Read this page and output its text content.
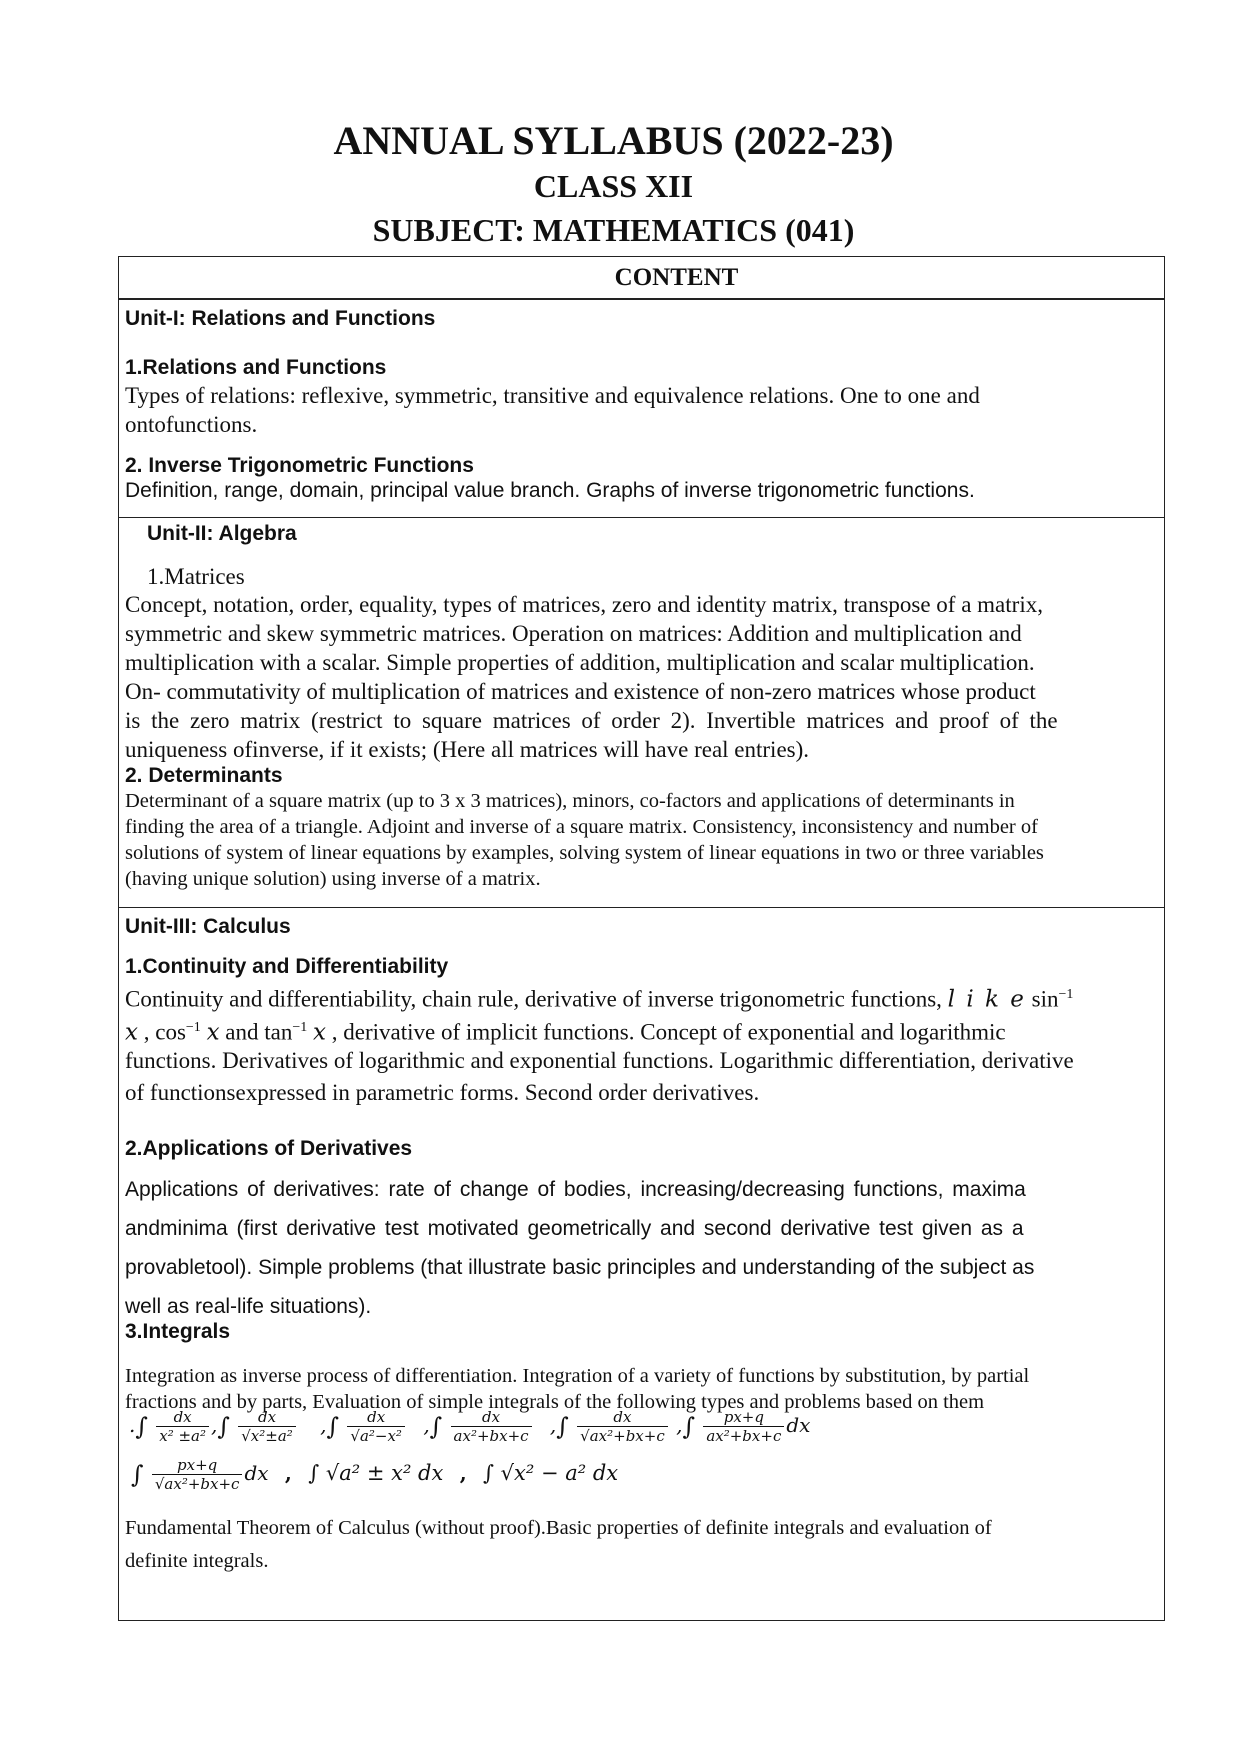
ANNUAL SYLLABUS (2022-23)
CLASS XII
SUBJECT: MATHEMATICS (041)
CONTENT
Unit-I: Relations and Functions
1.Relations and Functions
Types of relations: reflexive, symmetric, transitive and equivalence relations. One to one and
ontofunctions.
2. Inverse Trigonometric Functions
Definition, range, domain, principal value branch. Graphs of inverse trigonometric functions.
Unit-II: Algebra
1.Matrices
Concept, notation, order, equality, types of matrices, zero and identity matrix, transpose of a matrix,
symmetric and skew symmetric matrices. Operation on matrices: Addition and multiplication and
multiplication with a scalar. Simple properties of addition, multiplication and scalar multiplication.
On- commutativity of multiplication of matrices and existence of non-zero matrices whose product
is the zero matrix (restrict to square matrices of order 2). Invertible matrices and proof of the
uniqueness ofinverse, if it exists; (Here all matrices will have real entries).
2. Determinants
Determinant of a square matrix (up to 3 x 3 matrices), minors, co-factors and applications of determinants in
finding the area of a triangle. Adjoint and inverse of a square matrix. Consistency, inconsistency and number of
solutions of system of linear equations by examples, solving system of linear equations in two or three variables
(having unique solution) using inverse of a matrix.
Unit-III: Calculus
1.Continuity and Differentiability
Continuity and differentiability, chain rule, derivative of inverse trigonometric functions, l i k e $\sin^{-1}$
x , $\cos^{-1} x$ and $\tan^{-1} x$ , derivative of implicit functions. Concept of exponential and logarithmic
functions. Derivatives of logarithmic and exponential functions. Logarithmic differentiation, derivative
of functionsexpressed in parametric forms. Second order derivatives.
2.Applications of Derivatives
Applications of derivatives: rate of change of bodies, increasing/decreasing functions, maxima
andminima (first derivative test motivated geometrically and second derivative test given as a
provabletool). Simple problems (that illustrate basic principles and understanding of the subject as
well as real-life situations).
3.Integrals
Integration as inverse process of differentiation. Integration of a variety of functions by substitution, by partial
fractions and by parts, Evaluation of simple integrals of the following types and problems based on them
.∫ $\frac{dx}{\text{x² ±a²}}$ ,∫ $\frac{dx}{\text{√x²±a²}}$ ,∫ $\frac{dx}{\text{√a²−x²}}$ ,∫ $\frac{dx}{\text{ax²+bx+c}}$ ,∫ $\frac{dx}{\text{√ax²+bx+c}}$ ,∫ $\frac{px+q}{\text{ax²+bx+c}}$ dx
∫ $\frac{px+q}{\text{√ax²+bx+c}}$ dx , ∫ √a² ± x² dx , ∫ √x² − a² dx
Fundamental Theorem of Calculus (without proof).Basic properties of definite integrals and evaluation of
definite integrals.
